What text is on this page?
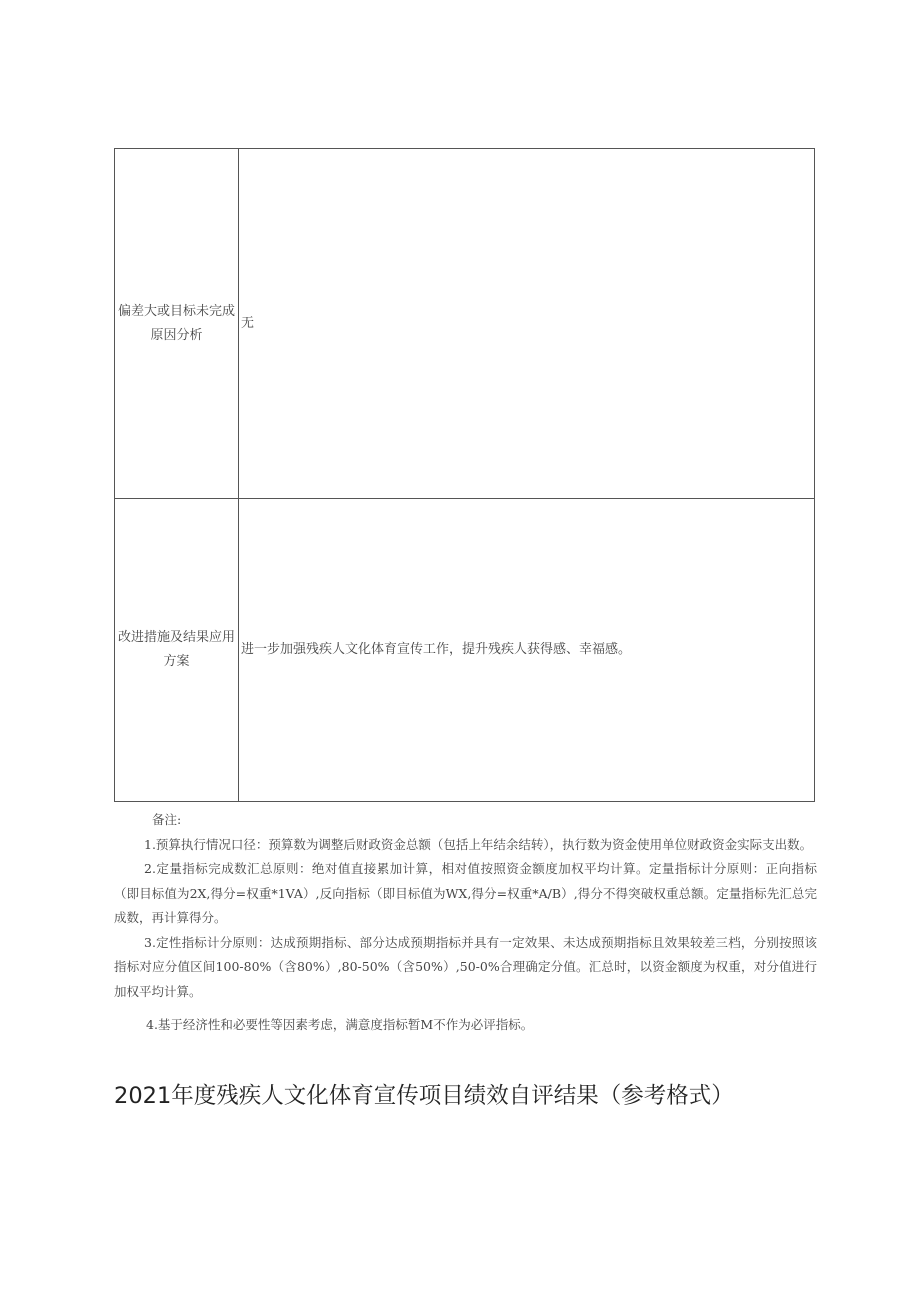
偏差大或目标未完成原因分析	无
改进措施及结果应用方案	进一步加强残疾人文化体育宣传工作，提升残疾人获得感、幸福感。

备注:

1.预算执行情况口径：预算数为调整后财政资金总额（包括上年结余结转），执行数为资金使用单位财政资金实际支出数。

2.定量指标完成数汇总原则：绝对值直接累加计算，相对值按照资金额度加权平均计算。定量指标计分原则：正向指标（即目标值为2X,得分=权重*1VA）,反向指标（即目标值为WX,得分=权重*A/B）,得分不得突破权重总额。定量指标先汇总完成数，再计算得分。

3.定性指标计分原则：达成预期指标、部分达成预期指标并具有一定效果、未达成预期指标且效果较差三档，分别按照该指标对应分值区间100-80%（含80%）,80-50%（含50%）,50-0%合理确定分值。汇总时，以资金额度为权重，对分值进行加权平均计算。

4.基于经济性和必要性等因素考虑，满意度指标暂M不作为必评指标。

2021年度残疾人文化体育宣传项目绩效自评结果（参考格式）
